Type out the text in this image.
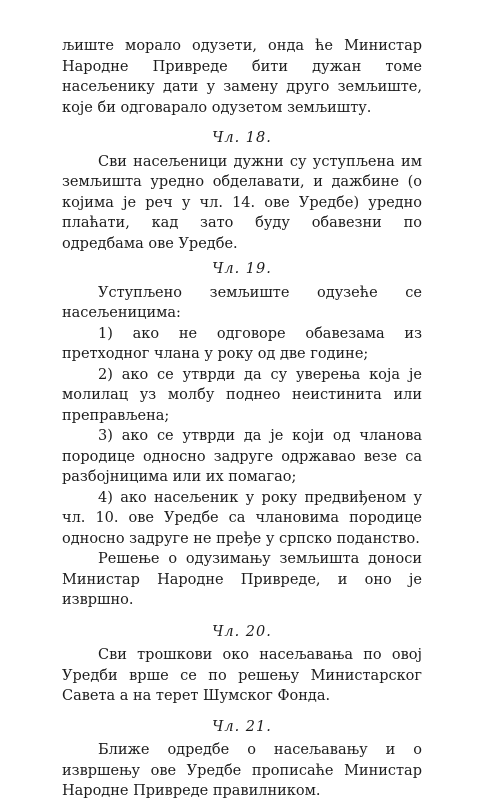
љиште морало одузети, онда ће Министар Народне Привреде бити дужан томе насељенику дати у замену друго земљиште, које би одговарало одузетом земљишту.

Чл. 18.

Сви насељеници дужни су уступљена им земљишта уредно обделавати, и дажбине (о којима је реч у чл. 14. ове Уредбе) уредно плаћати, кад зато буду обавезни по одредбама ове Уредбе.

Чл. 19.

Уступљено земљиште одузеће се насељеницима:

1) ако не одговоре обавезама из претходног члана у року од две године;

2) ако се утврди да су уверења која је молилац уз молбу поднео неистинита или преправљена;

3) ако се утврди да је који од чланова породице односно задруге одржавао везе са разбојницима или их помагао;

4) ако насељеник у року предвиђеном у чл. 10. ове Уредбе са члановима породице односно задруге не пређе у српско поданство.

Решење о одузимању земљишта доноси Министар Народне Привреде, и оно је извршно.

Чл. 20.

Сви трошкови око насељавања по овој Уредби врше се по решењу Министарског Савета а на терет Шумског Фонда.

Чл. 21.

Ближе одредбе о насељавању и о извршењу ове Уредбе прописаће Министар Народне Привреде правилником.
